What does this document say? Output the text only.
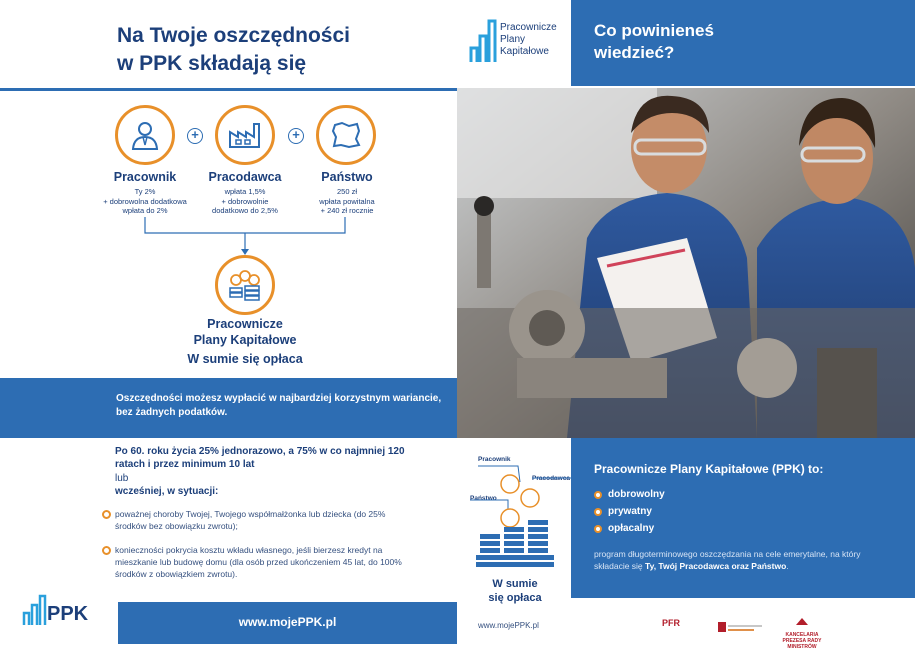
Na Twoje oszczędności
w PPK składają się
+	+
Pracownik
Ty 2%
+ dobrowolna dodatkowa
wpłata do 2%
Pracodawca
wpłata 1,5%
+ dobrowolnie
dodatkowo do 2,5%
Państwo
250 zł
wpłata powitalna
+ 240 zł rocznie
Pracownicze
Plany Kapitałowe
W sumie się opłaca
Oszczędności możesz wypłacić w najbardziej korzystnym wariancie, bez żadnych podatków.
Po 60. roku życia 25% jednorazowo, a 75% w co najmniej 120 ratach i przez minimum 10 lat
lub
wcześniej, w sytuacji:
poważnej choroby Twojej, Twojego współmałżonka lub dziecka (do 25% środków bez obowiązku zwrotu);
konieczności pokrycia kosztu wkładu własnego, jeśli bierzesz kredyt na mieszkanie lub budowę domu (dla osób przed ukończeniem 45 lat, do 100% środków z obowiązkiem zwrotu).
PPK	www.mojePPK.pl
Pracownicze
Plany
Kapitałowe
Pracownik
Pracodawca
Państwo
W sumie
się opłaca
www.mojePPK.pl
Co powinieneś
wiedzieć?
Pracownicze Plany Kapitałowe (PPK) to:
dobrowolny
prywatny
opłacalny
program długoterminowego oszczędzania na cele emerytalne, na który składacie się Ty, Twój Pracodawca oraz Państwo.
PFR
KANCELARIA PREZESA RADY MINISTRÓW
